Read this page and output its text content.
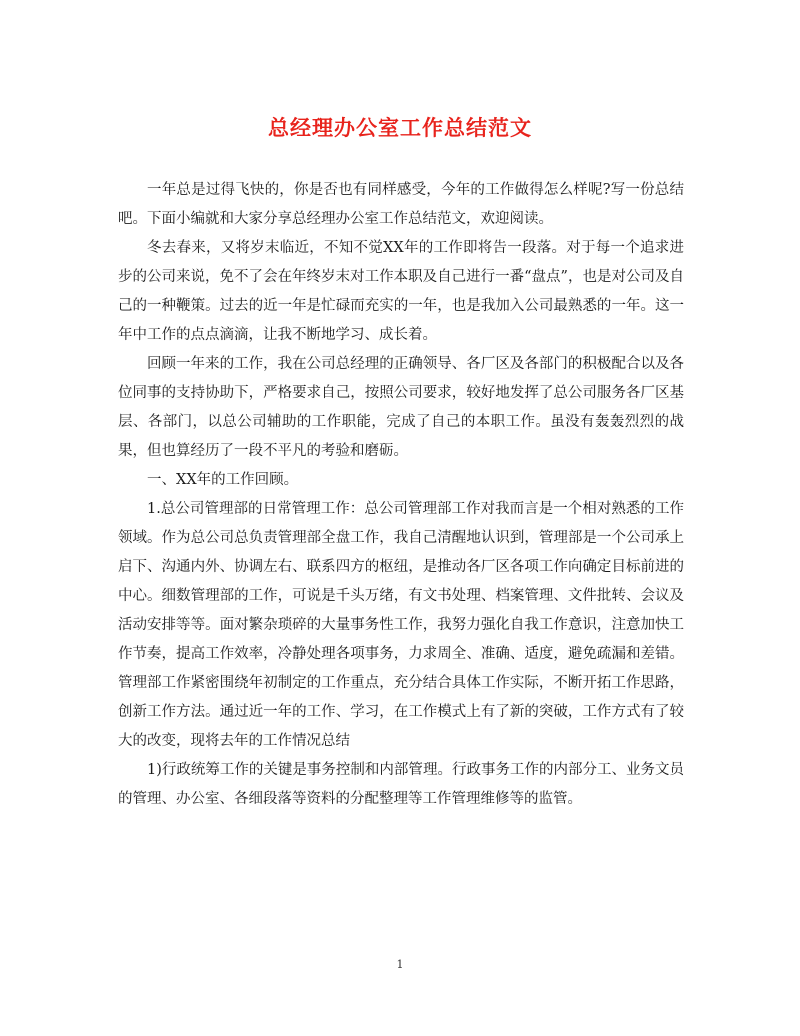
总经理办公室工作总结范文

一年总是过得飞快的，你是否也有同样感受，今年的工作做得怎么样呢?写一份总结吧。下面小编就和大家分享总经理办公室工作总结范文，欢迎阅读。

冬去春来，又将岁末临近，不知不觉XX年的工作即将告一段落。对于每一个追求进步的公司来说，免不了会在年终岁末对工作本职及自己进行一番“盘点”，也是对公司及自己的一种鞭策。过去的近一年是忙碌而充实的一年，也是我加入公司最熟悉的一年。这一年中工作的点点滴滴，让我不断地学习、成长着。

回顾一年来的工作，我在公司总经理的正确领导、各厂区及各部门的积极配合以及各位同事的支持协助下，严格要求自己，按照公司要求，较好地发挥了总公司服务各厂区基层、各部门，以总公司辅助的工作职能，完成了自己的本职工作。虽没有轰轰烈烈的战果，但也算经历了一段不平凡的考验和磨砺。

一、XX年的工作回顾。

1.总公司管理部的日常管理工作：总公司管理部工作对我而言是一个相对熟悉的工作领域。作为总公司总负责管理部全盘工作，我自己清醒地认识到，管理部是一个公司承上启下、沟通内外、协调左右、联系四方的枢纽，是推动各厂区各项工作向确定目标前进的中心。细数管理部的工作，可说是千头万绪，有文书处理、档案管理、文件批转、会议及活动安排等等。面对繁杂琐碎的大量事务性工作，我努力强化自我工作意识，注意加快工作节奏，提高工作效率，冷静处理各项事务，力求周全、准确、适度，避免疏漏和差错。管理部工作紧密围绕年初制定的工作重点，充分结合具体工作实际，不断开拓工作思路，创新工作方法。通过近一年的工作、学习，在工作模式上有了新的突破，工作方式有了较大的改变，现将去年的工作情况总结

1)行政统筹工作的关键是事务控制和内部管理。行政事务工作的内部分工、业务文员的管理、办公室、各细段落等资料的分配整理等工作管理维修等的监管。

1
